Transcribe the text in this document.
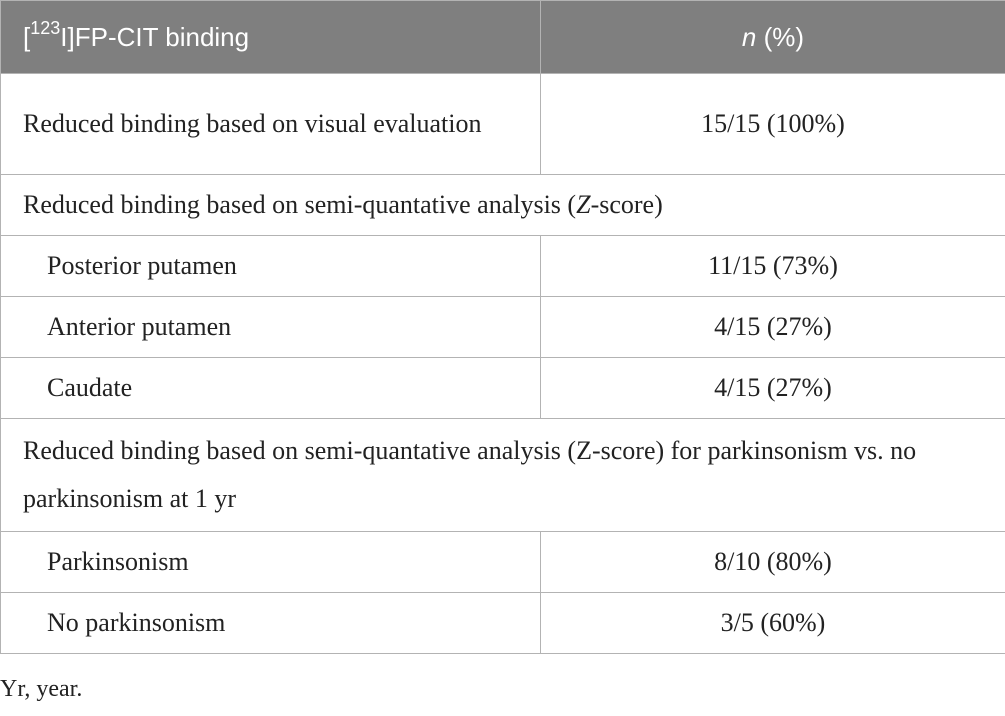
[$^{123}$I]FP-CIT binding	n (%)
Reduced binding based on visual evaluation	15/15 (100%)
Reduced binding based on semi-quantative analysis (Z-score)	
Posterior putamen	11/15 (73%)
Anterior putamen	4/15 (27%)
Caudate	4/15 (27%)
Reduced binding based on semi-quantative analysis (Z-score) for parkinsonism vs. no parkinsonism at 1 yr	
Parkinsonism	8/10 (80%)
No parkinsonism	3/5 (60%)
Yr, year.
